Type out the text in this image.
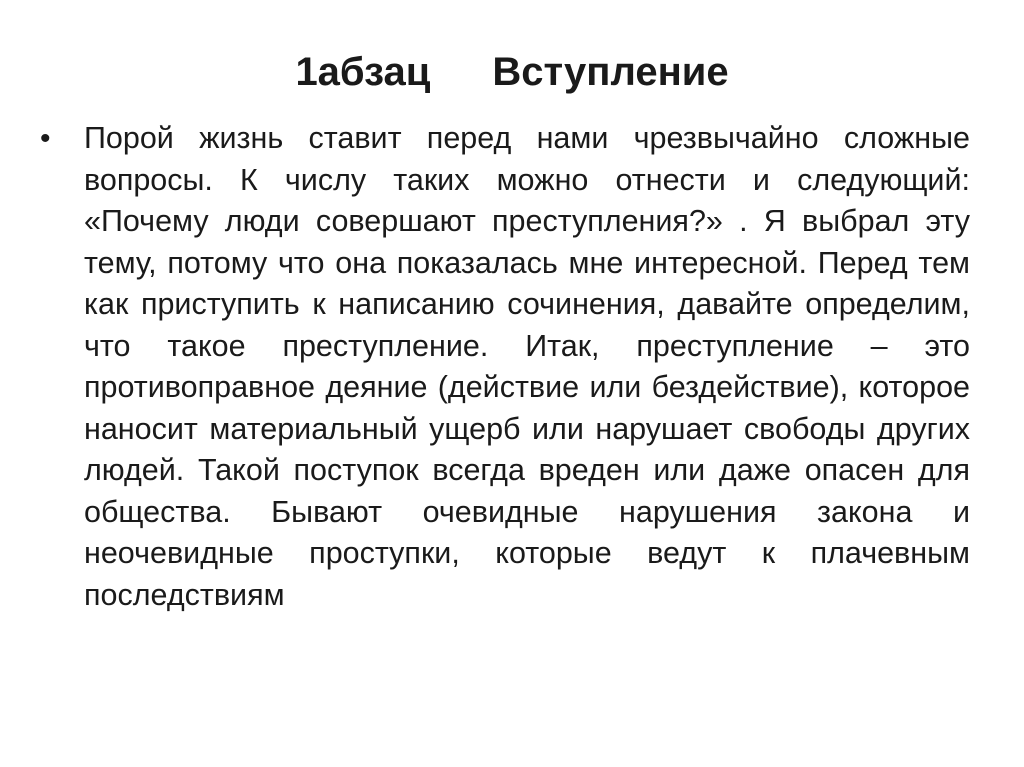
1абзац Вступление
• Порой жизнь ставит перед нами чрезвычайно сложные вопросы. К числу таких можно отнести и следующий: «Почему люди совершают преступления?» . Я выбрал эту тему, потому что она показалась мне интересной. Перед тем как приступить к написанию сочинения, давайте определим, что такое преступление. Итак, преступление – это противоправное деяние (действие или бездействие), которое наносит материальный ущерб или нарушает свободы других людей. Такой поступок всегда вреден или даже опасен для общества. Бывают очевидные нарушения закона и неочевидные проступки, которые ведут к плачевным последствиям
